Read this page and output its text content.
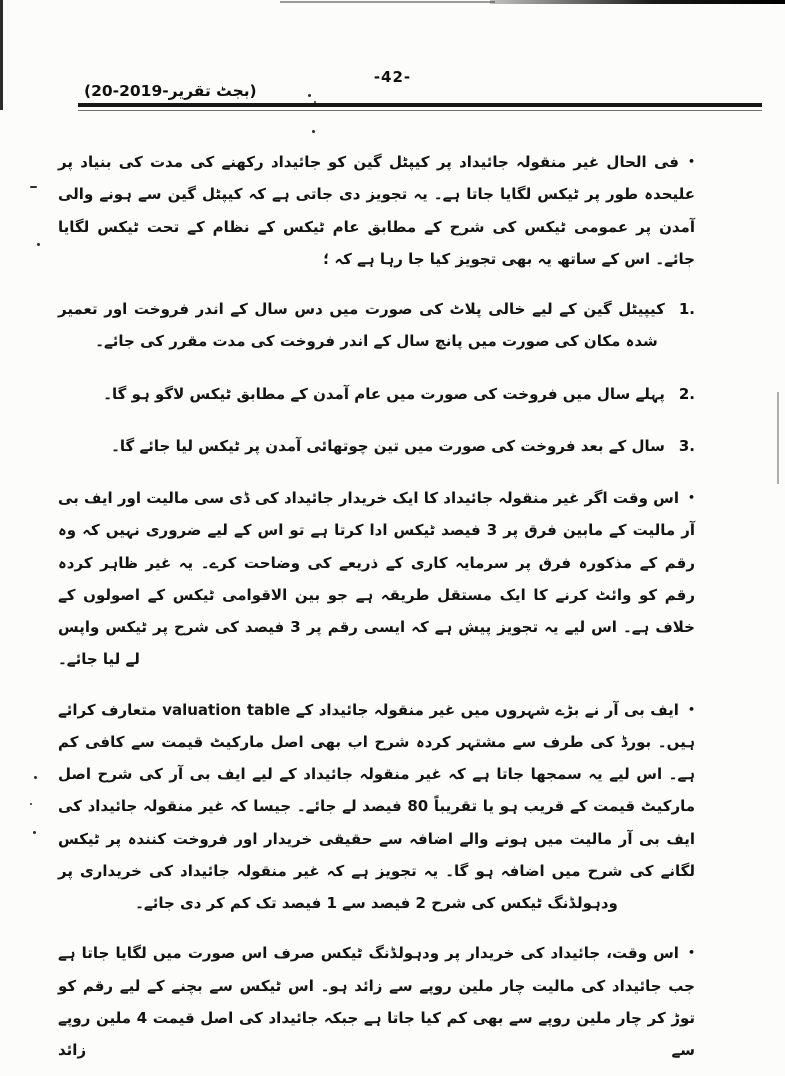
-42-
(بجٹ تقریر-2019-20)

•فی الحال غیر منقولہ جائیداد پر کیپٹل گین کو جائیداد رکھنے کی مدت کی بنیاد پر علیحدہ طور پر ٹیکس لگایا جاتا ہے۔ یہ تجویز دی جاتی ہے کہ کیپٹل گین سے ہونے والی آمدن پر عمومی ٹیکس کی شرح کے مطابق عام ٹیکس کے نظام کے تحت ٹیکس لگایا جائے۔ اس کے ساتھ یہ بھی تجویز کیا جا رہا ہے کہ ؛

1.کیپیٹل گین کے لیے خالی پلاٹ کی صورت میں دس سال کے اندر فروخت اور تعمیر شدہ مکان کی صورت میں پانچ سال کے اندر فروخت کی مدت مقرر کی جائے۔

2.پہلے سال میں فروخت کی صورت میں عام آمدن کے مطابق ٹیکس لاگو ہو گا۔

3.سال کے بعد فروخت کی صورت میں تین چوتھائی آمدن پر ٹیکس لیا جائے گا۔

•اس وقت اگر غیر منقولہ جائیداد کا ایک خریدار جائیداد کی ڈی سی مالیت اور ایف بی آر مالیت کے مابین فرق پر 3 فیصد ٹیکس ادا کرتا ہے تو اس کے لیے ضروری نہیں کہ وہ رقم کے مذکورہ فرق پر سرمایہ کاری کے ذریعے کی وضاحت کرے۔ یہ غیر ظاہر کردہ رقم کو وائٹ کرنے کا ایک مستقل طریقہ ہے جو بین الاقوامی ٹیکس کے اصولوں کے خلاف ہے۔ اس لیے یہ تجویز پیش ہے کہ ایسی رقم پر 3 فیصد کی شرح پر ٹیکس واپس لے لیا جائے۔

•ایف بی آر نے بڑے شہروں میں غیر منقولہ جائیداد کے valuation table متعارف کرائے ہیں۔ بورڈ کی طرف سے مشتہر کردہ شرح اب بھی اصل مارکیٹ قیمت سے کافی کم ہے۔ اس لیے یہ سمجھا جاتا ہے کہ غیر منقولہ جائیداد کے لیے ایف بی آر کی شرح اصل مارکیٹ قیمت کے قریب ہو یا تقریباً 80 فیصد لے جائے۔ جیسا کہ غیر منقولہ جائیداد کی ایف بی آر مالیت میں ہونے والے اضافہ سے حقیقی خریدار اور فروخت کنندہ پر ٹیکس لگانے کی شرح میں اضافہ ہو گا۔ یہ تجویز ہے کہ غیر منقولہ جائیداد کی خریداری پر ودہولڈنگ ٹیکس کی شرح 2 فیصد سے 1 فیصد تک کم کر دی جائے۔

•اس وقت، جائیداد کی خریدار پر ودہولڈنگ ٹیکس صرف اس صورت میں لگایا جاتا ہے جب جائیداد کی مالیت چار ملین روپے سے زائد ہو۔ اس ٹیکس سے بچنے کے لیے رقم کو توڑ کر چار ملین روپے سے بھی کم کیا جاتا ہے جبکہ جائیداد کی اصل قیمت 4 ملین روپے سے زائد
